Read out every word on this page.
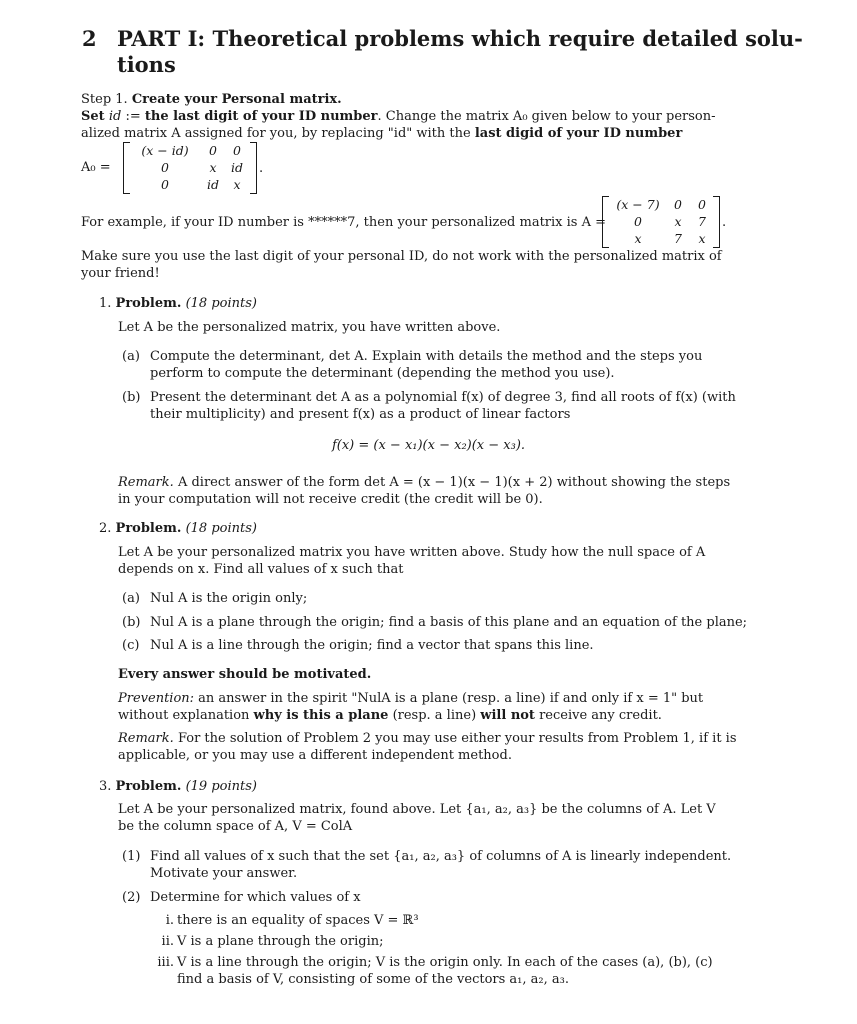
2 PART I: Theoretical problems which require detailed solu-
tions
Step 1. Create your Personal matrix.
Set id := the last digit of your ID number. Change the matrix A₀ given below to your person-
alized matrix A assigned for you, by replacing "id" with the last digid of your ID number
A₀ =
(x − id)	0	0
0	x	id
0	id	x
.
For example, if your ID number is ******7, then your personalized matrix is A =
(x − 7)	0	0
0	x	7
x	7	x
.
Make sure you use the last digit of your personal ID, do not work with the personalized matrix of
your friend!
1. Problem. (18 points)
Let A be the personalized matrix, you have written above.
(a) Compute the determinant, det A. Explain with details the method and the steps you
perform to compute the determinant (depending the method you use).
(b) Present the determinant det A as a polynomial f(x) of degree 3, find all roots of f(x) (with
their multiplicity) and present f(x) as a product of linear factors
f(x) = (x − x₁)(x − x₂)(x − x₃).
Remark. A direct answer of the form det A = (x − 1)(x − 1)(x + 2) without showing the steps
in your computation will not receive credit (the credit will be 0).
2. Problem. (18 points)
Let A be your personalized matrix you have written above. Study how the null space of A
depends on x. Find all values of x such that
(a) Nul A is the origin only;
(b) Nul A is a plane through the origin; find a basis of this plane and an equation of the plane;
(c) Nul A is a line through the origin; find a vector that spans this line.
Every answer should be motivated.
Prevention: an answer in the spirit "NulA is a plane (resp. a line) if and only if x = 1" but
without explanation why is this a plane (resp. a line) will not receive any credit.
Remark. For the solution of Problem 2 you may use either your results from Problem 1, if it is
applicable, or you may use a different independent method.
3. Problem. (19 points)
Let A be your personalized matrix, found above. Let {a₁, a₂, a₃} be the columns of A. Let V
be the column space of A, V = ColA
(1) Find all values of x such that the set {a₁, a₂, a₃} of columns of A is linearly independent.
Motivate your answer.
(2) Determine for which values of x
i. there is an equality of spaces V = ℝ³
ii. V is a plane through the origin;
iii. V is a line through the origin; V is the origin only. In each of the cases (a), (b), (c)
find a basis of V, consisting of some of the vectors a₁, a₂, a₃.
